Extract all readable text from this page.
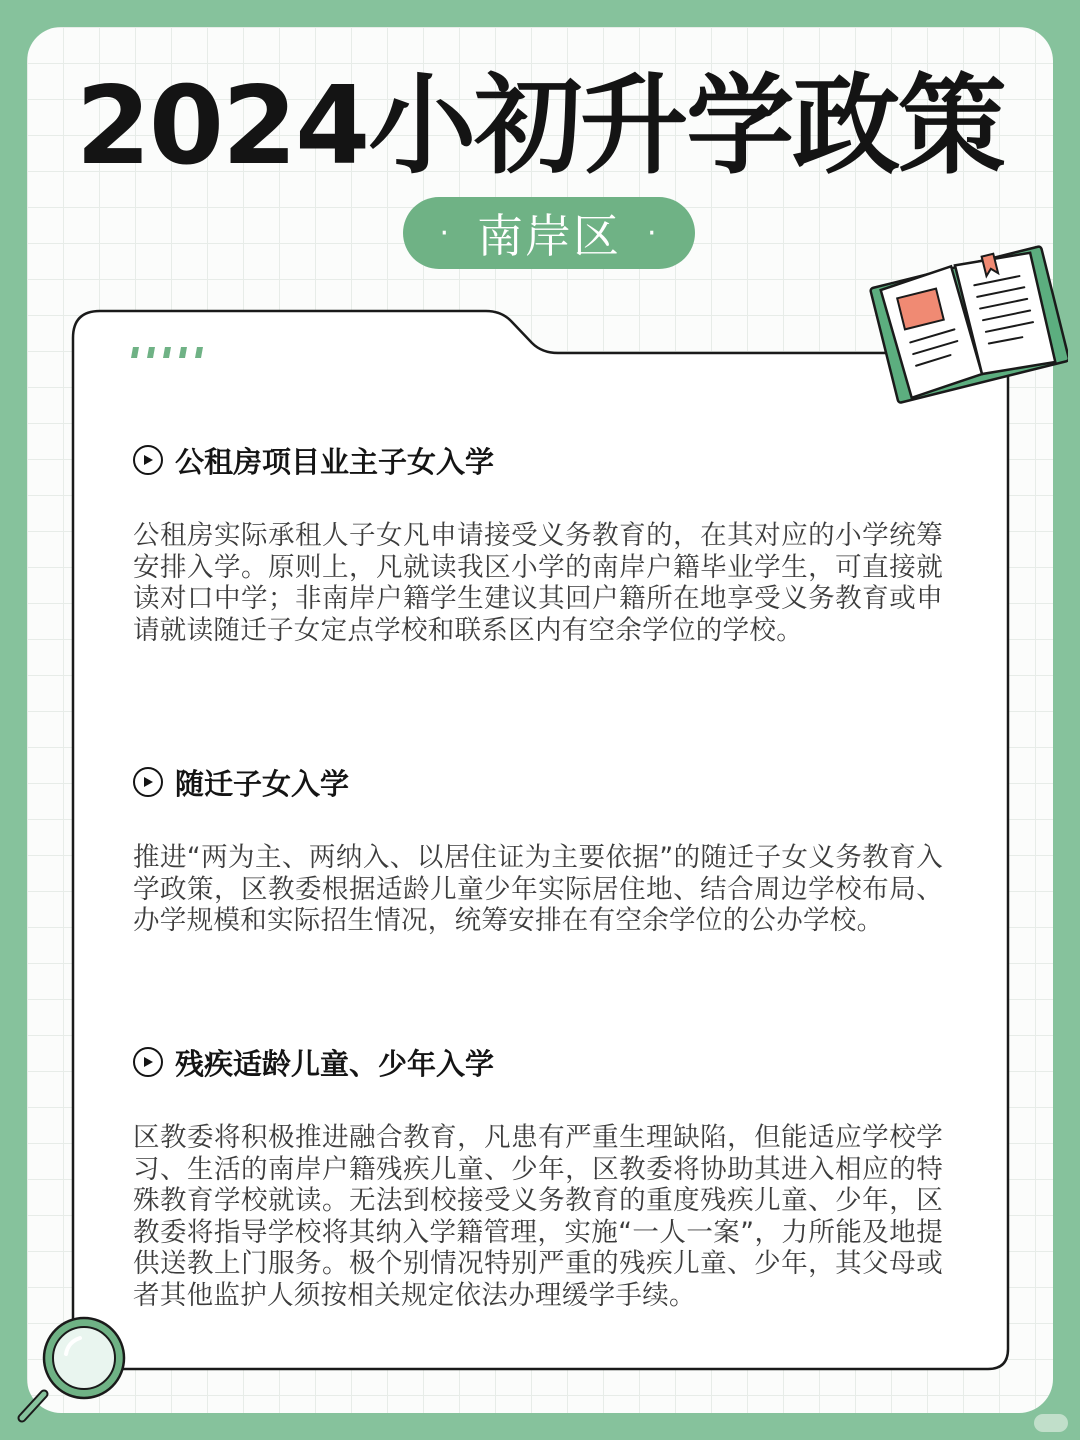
2024小初升学政策
· 南岸区 ·
公租房项目业主子女入学
公租房实际承租人子女凡申请接受义务教育的，在其对应的小学统筹安排入学。原则上，凡就读我区小学的南岸户籍毕业学生，可直接就读对口中学；非南岸户籍学生建议其回户籍所在地享受义务教育或申请就读随迁子女定点学校和联系区内有空余学位的学校。
随迁子女入学
推进“两为主、两纳入、以居住证为主要依据”的随迁子女义务教育入学政策，区教委根据适龄儿童少年实际居住地、结合周边学校布局、办学规模和实际招生情况，统筹安排在有空余学位的公办学校。
残疾适龄儿童、少年入学
区教委将积极推进融合教育，凡患有严重生理缺陷，但能适应学校学习、生活的南岸户籍残疾儿童、少年，区教委将协助其进入相应的特殊教育学校就读。无法到校接受义务教育的重度残疾儿童、少年，区教委将指导学校将其纳入学籍管理，实施“一人一案”，力所能及地提供送教上门服务。极个别情况特别严重的残疾儿童、少年，其父母或者其他监护人须按相关规定依法办理缓学手续。
